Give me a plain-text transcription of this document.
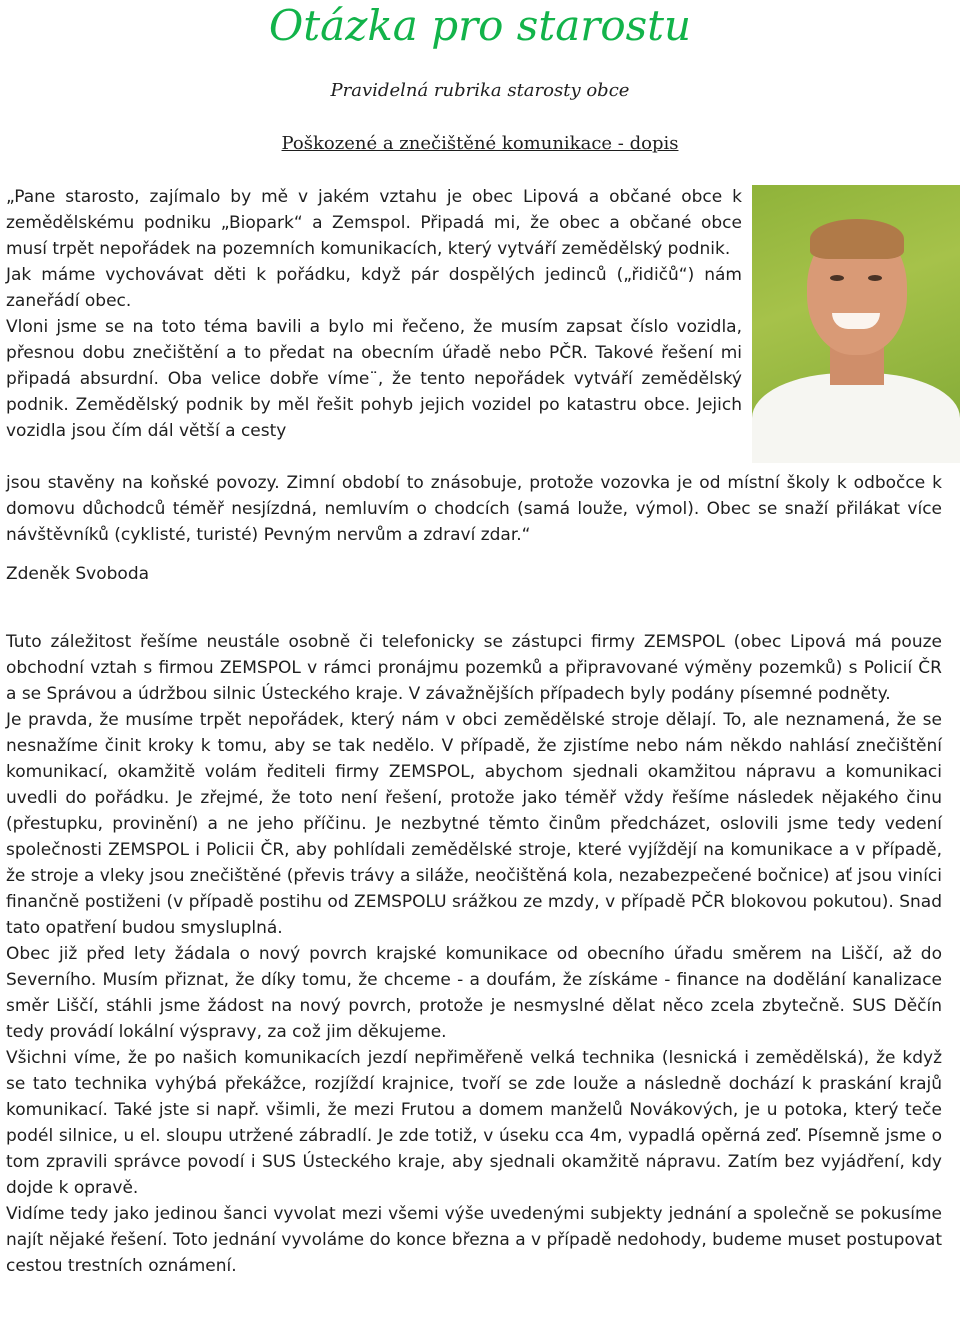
Otázka pro starostu
Pravidelná rubrika starosty obce
Poškozené a znečištěné komunikace - dopis

„Pane starosto, zajímalo by mě v jakém vztahu je obec Lipová a občané obce k zemědělskému podniku „Biopark“ a Zemspol. Připadá mi, že obec a občané obce musí trpět nepořádek na pozemních komunikacích, který vytváří zemědělský podnik.

Jak máme vychovávat děti k pořádku, když pár dospělých jedinců („řidičů“) nám zaneřádí obec.

Vloni jsme se na toto téma bavili a bylo mi řečeno, že musím zapsat číslo vozidla, přesnou dobu znečištění a to předat na obecním úřadě nebo PČR. Takové řešení mi připadá absurdní. Oba velice dobře víme¨, že tento nepořádek vytváří zemědělský podnik. Zemědělský podnik by měl řešit pohyb jejich vozidel po katastru obce. Jejich vozidla jsou čím dál větší a cesty

jsou stavěny na koňské povozy. Zimní období to znásobuje, protože vozovka je od místní školy k odbočce k domovu důchodců téměř nesjízdná, nemluvím o chodcích (samá louže, výmol). Obec se snaží přilákat více návštěvníků (cyklisté, turisté) Pevným nervům a zdraví zdar.“

Zdeněk Svoboda

Tuto záležitost řešíme neustále osobně či telefonicky se zástupci firmy ZEMSPOL (obec Lipová má pouze obchodní vztah s firmou ZEMSPOL v rámci pronájmu pozemků a připravované výměny pozemků) s Policií ČR a se Správou a údržbou silnic Ústeckého kraje. V závažnějších případech byly podány písemné podněty.

Je pravda, že musíme trpět nepořádek, který nám v obci zemědělské stroje dělají. To, ale neznamená, že se nesnažíme činit kroky k tomu, aby se tak nedělo. V případě, že zjistíme nebo nám někdo nahlásí znečištění komunikací, okamžitě volám řediteli firmy ZEMSPOL, abychom sjednali okamžitou nápravu a komunikaci uvedli do pořádku. Je zřejmé, že toto není řešení, protože jako téměř vždy řešíme následek nějakého činu (přestupku, provinění) a ne jeho příčinu. Je nezbytné těmto činům předcházet, oslovili jsme tedy vedení společnosti ZEMSPOL i Policii ČR, aby pohlídali zemědělské stroje, které vyjíždějí na komunikace a v případě, že stroje a vleky jsou znečištěné (převis trávy a siláže, neočištěná kola, nezabezpečené bočnice) ať jsou viníci finančně postiženi (v případě postihu od ZEMSPOLU srážkou ze mzdy, v případě PČR blokovou pokutou). Snad tato opatření budou smysluplná.

Obec již před lety žádala o nový povrch krajské komunikace od obecního úřadu směrem na Liščí, až do Severního. Musím přiznat, že díky tomu, že chceme - a doufám, že získáme - finance na dodělání kanalizace směr Liščí, stáhli jsme žádost na nový povrch, protože je nesmyslné dělat něco zcela zbytečně. SUS Děčín tedy provádí lokální výspravy, za což jim děkujeme.

Všichni víme, že po našich komunikacích jezdí nepřiměřeně velká technika (lesnická i zemědělská), že když se tato technika vyhýbá překážce, rozjíždí krajnice, tvoří se zde louže a následně dochází k praskání krajů komunikací. Také jste si např. všimli, že mezi Frutou a domem manželů Novákových, je u potoka, který teče podél silnice, u el. sloupu utržené zábradlí. Je zde totiž, v úseku cca 4m, vypadlá opěrná zeď. Písemně jsme o tom zpravili správce povodí i SUS Ústeckého kraje, aby sjednali okamžitě nápravu. Zatím bez vyjádření, kdy dojde k opravě.

Vidíme tedy jako jedinou šanci vyvolat mezi všemi výše uvedenými subjekty jednání a společně se pokusíme najít nějaké řešení. Toto jednání vyvoláme do konce března a v případě nedohody, budeme muset postupovat cestou trestních oznámení.
